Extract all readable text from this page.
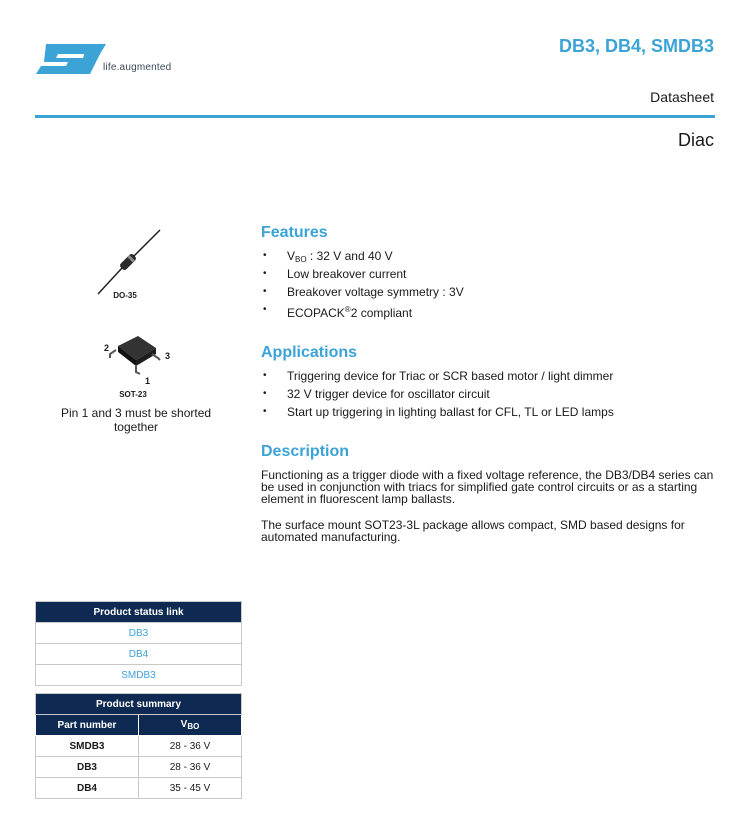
life.augmented
DB3, DB4, SMDB3
Datasheet
Diac
DO-35
2
3
1
SOT-23
Pin 1 and 3 must be shorted together
Features
• $V_{BO}$ : 32 V and 40 V
• Low breakover current
• Breakover voltage symmetry : 3V
• ECOPACK®2 compliant
Applications
• Triggering device for Triac or SCR based motor / light dimmer
• 32 V trigger device for oscillator circuit
• Start up triggering in lighting ballast for CFL, TL or LED lamps
Description
Functioning as a trigger diode with a fixed voltage reference, the DB3/DB4 series can be used in conjunction with triacs for simplified gate control circuits or as a starting element in fluorescent lamp ballasts.
The surface mount SOT23-3L package allows compact, SMD based designs for automated manufacturing.
Product status link
DB3
DB4
SMDB3
Product summary	
Part number	$V_{BO}$
SMDB3	28 - 36 V
DB3	28 - 36 V
DB4	35 - 45 V
